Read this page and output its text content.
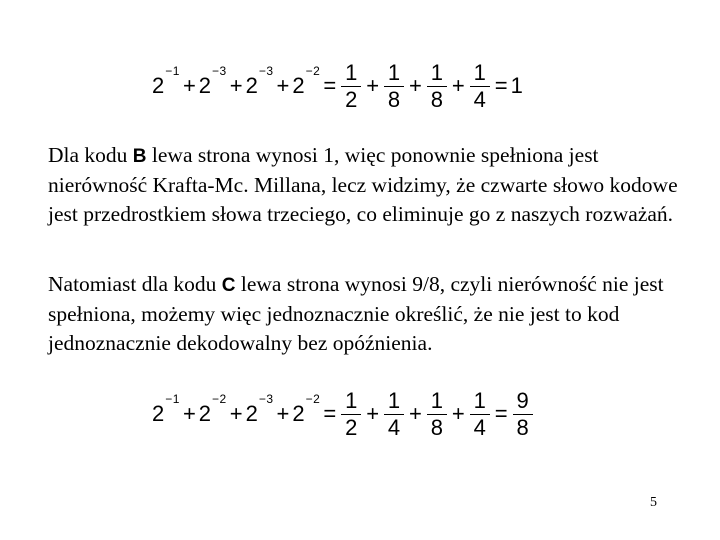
2
−1
+ 2
−3
+ 2
−3
+ 2
−2
= $\frac{1}{2} + \frac{1}{8} + \frac{1}{8} + \frac{1}{4} = 1$

Dla kodu B lewa strona wynosi 1, więc ponownie spełniona jest nierówność Krafta-Mc. Millana, lecz widzimy, że czwarte słowo kodowe jest przedrostkiem słowa trzeciego, co eliminuje go z naszych rozważań.

Natomiast dla kodu C lewa strona wynosi 9/8, czyli nierówność nie jest spełniona, możemy więc jednoznacznie określić, że nie jest to kod jednoznacznie dekodowalny bez opóźnienia.

2
−1
+ 2
−2
+ 2
−3
+ 2
−2
= $\frac{1}{2} + \frac{1}{4} + \frac{1}{8} + \frac{1}{4} = \frac{9}{8}$
5
